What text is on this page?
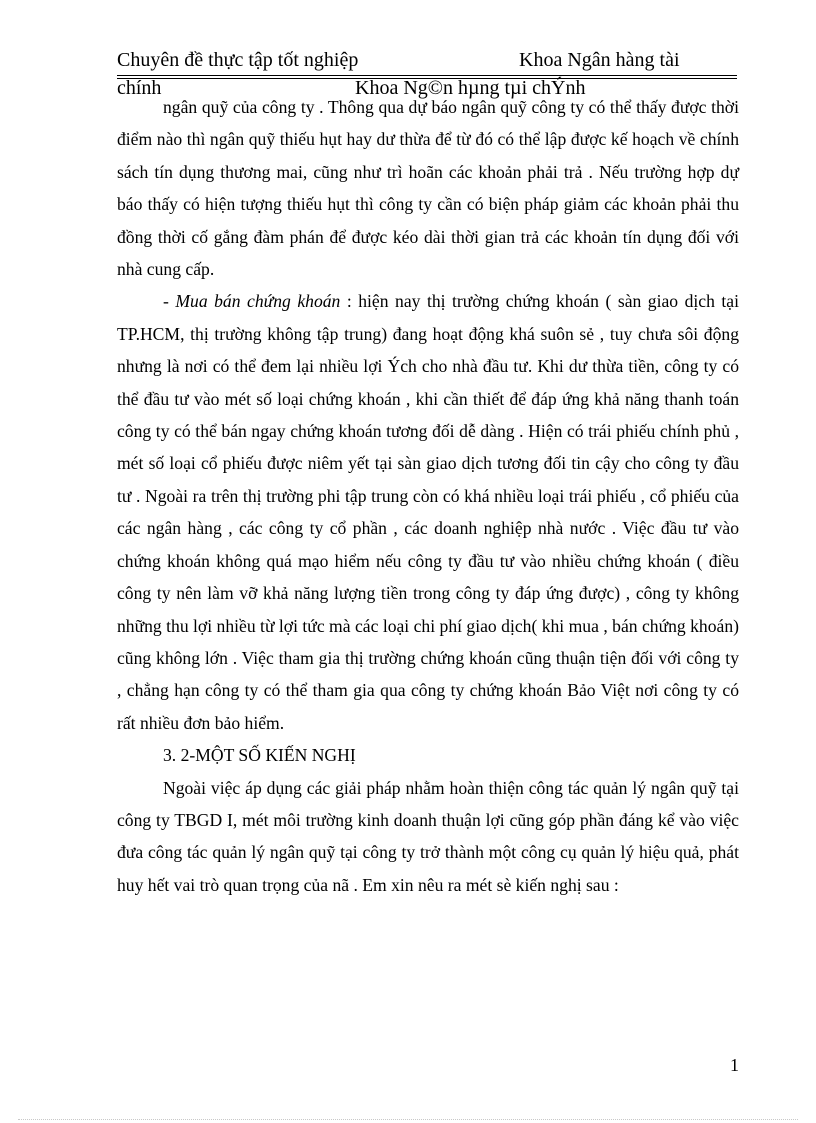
Chuyên đề thực tập tốt nghiệp	Khoa Ngân hàng tài
chính	Khoa Ng©n hµng tµi chÝnh

ngân quỹ của công ty . Thông qua dự báo ngân quỹ công ty có thể thấy được thời điểm nào thì ngân quỹ thiếu hụt hay dư thừa để từ đó có thể lập được kế hoạch về chính sách tín dụng thương mai, cũng như trì hoãn các khoản phải trả . Nếu trường hợp dự báo thấy có hiện tượng thiếu hụt thì công ty cần có biện pháp giảm các khoản phải thu đồng thời cố gắng đàm phán để được kéo dài thời gian trả các khoản tín dụng đối với nhà cung cấp.

- Mua bán chứng khoán : hiện nay thị trường chứng khoán ( sàn giao dịch tại TP.HCM, thị trường không tập trung) đang hoạt động khá suôn sẻ , tuy chưa sôi động nhưng là nơi có thể đem lại nhiều lợi Ých cho nhà đầu tư. Khi dư thừa tiền, công ty có thể đầu tư vào mét số loại chứng khoán , khi cần thiết để đáp ứng khả năng thanh toán công ty có thể bán ngay chứng khoán tương đối dễ dàng . Hiện có trái phiếu chính phủ , mét số loại cổ phiếu được niêm yết tại sàn giao dịch tương đối tin cậy cho công ty đầu tư . Ngoài ra trên thị trường phi tập trung còn có khá nhiều loại trái phiếu , cổ phiếu của các ngân hàng , các công ty cổ phần , các doanh nghiệp nhà nước . Việc đầu tư vào chứng khoán không quá mạo hiểm nếu công ty đầu tư vào nhiều chứng khoán ( điều công ty nên làm vỡ khả năng lượng tiền trong công ty đáp ứng được) , công ty không những thu lợi nhiều từ lợi tức mà các loại chi phí giao dịch( khi mua , bán chứng khoán) cũng không lớn . Việc tham gia thị trường chứng khoán cũng thuận tiện đối với công ty , chẳng hạn công ty có thể tham gia qua công ty chứng khoán Bảo Việt nơi công ty có rất nhiều đơn bảo hiểm.

3. 2-MỘT SỐ KIẾN NGHỊ

Ngoài việc áp dụng các giải pháp nhằm hoàn thiện công tác quản lý ngân quỹ tại công ty TBGD I, mét môi trường kinh doanh thuận lợi cũng góp phần đáng kể vào việc đưa công tác quản lý ngân quỹ tại công ty trở thành một công cụ quản lý hiệu quả, phát huy hết vai trò quan trọng của nã . Em xin nêu ra mét sè kiến nghị sau :

1
